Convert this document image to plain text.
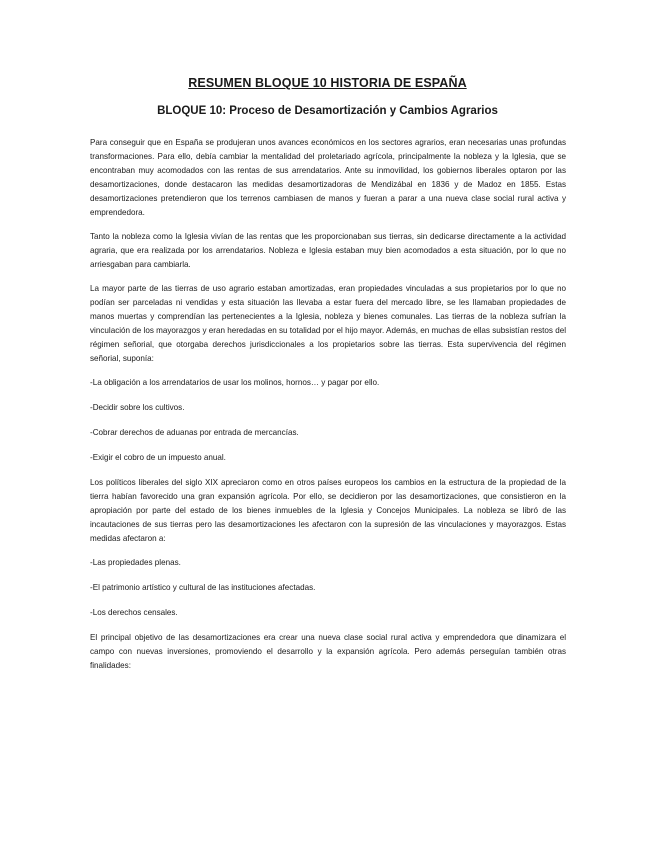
RESUMEN BLOQUE 10 HISTORIA DE ESPAÑA
BLOQUE 10: Proceso de Desamortización y Cambios Agrarios

Para conseguir que en España se produjeran unos avances económicos en los sectores agrarios, eran necesarias unas profundas transformaciones. Para ello, debía cambiar la mentalidad del proletariado agrícola, principalmente la nobleza y la Iglesia, que se encontraban muy acomodados con las rentas de sus arrendatarios. Ante su inmovilidad, los gobiernos liberales optaron por las desamortizaciones, donde destacaron las medidas desamortizadoras de Mendizábal en 1836 y de Madoz en 1855. Estas desamortizaciones pretendieron que los terrenos cambiasen de manos y fueran a parar a una nueva clase social rural activa y emprendedora.

Tanto la nobleza como la Iglesia vivían de las rentas que les proporcionaban sus tierras, sin dedicarse directamente a la actividad agraria, que era realizada por los arrendatarios. Nobleza e Iglesia estaban muy bien acomodados a esta situación, por lo que no arriesgaban para cambiarla.

La mayor parte de las tierras de uso agrario estaban amortizadas, eran propiedades vinculadas a sus propietarios por lo que no podían ser parceladas ni vendidas y esta situación las llevaba a estar fuera del mercado libre, se les llamaban propiedades de manos muertas y comprendían las pertenecientes a la Iglesia, nobleza y bienes comunales. Las tierras de la nobleza sufrían la vinculación de los mayorazgos y eran heredadas en su totalidad por el hijo mayor. Además, en muchas de ellas subsistían restos del régimen señorial, que otorgaba derechos jurisdiccionales a los propietarios sobre las tierras. Esta supervivencia del régimen señorial, suponía:

-La obligación a los arrendatarios de usar los molinos, hornos… y pagar por ello.

-Decidir sobre los cultivos.

-Cobrar derechos de aduanas por entrada de mercancías.

-Exigir el cobro de un impuesto anual.

Los políticos liberales del siglo XIX apreciaron como en otros países europeos los cambios en la estructura de la propiedad de la tierra habían favorecido una gran expansión agrícola. Por ello, se decidieron por las desamortizaciones, que consistieron en la apropiación por parte del estado de los bienes inmuebles de la Iglesia y Concejos Municipales. La nobleza se libró de las incautaciones de sus tierras pero las desamortizaciones les afectaron con la supresión de las vinculaciones y mayorazgos. Estas medidas afectaron a:

-Las propiedades plenas.

-El patrimonio artístico y cultural de las instituciones afectadas.

-Los derechos censales.

El principal objetivo de las desamortizaciones era crear una nueva clase social rural activa y emprendedora que dinamizara el campo con nuevas inversiones, promoviendo el desarrollo y la expansión agrícola. Pero además perseguían también otras finalidades:
